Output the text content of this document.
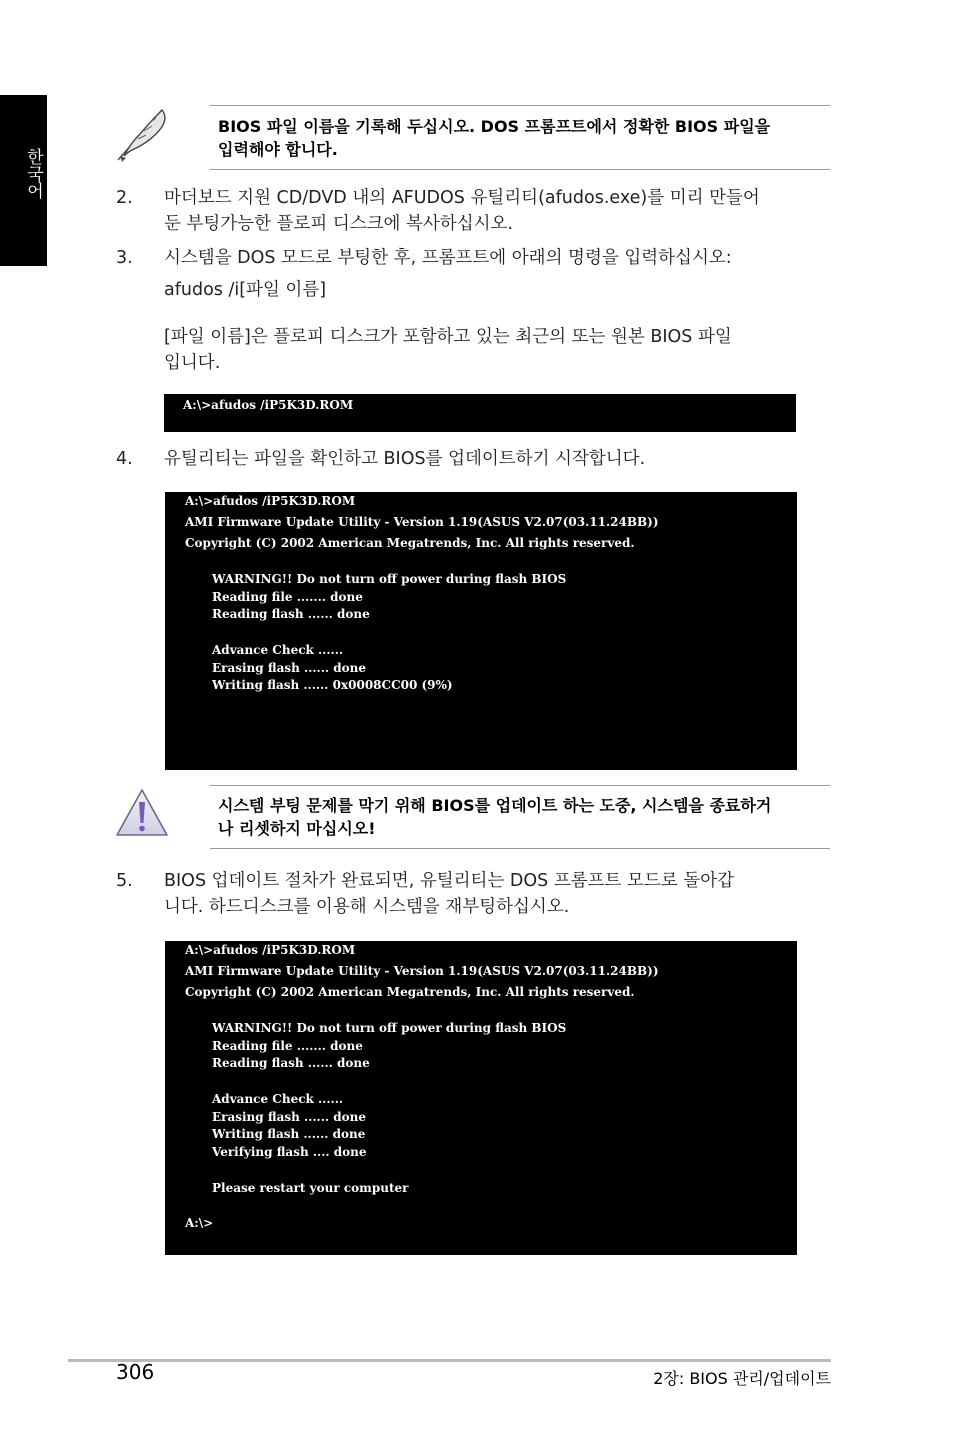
한국어
BIOS 파일 이름을 기록해 두십시오. DOS 프롬프트에서 정확한 BIOS 파일을
입력해야 합니다.
2. 마더보드 지원 CD/DVD 내의 AFUDOS 유틸리티(afudos.exe)를 미리 만들어
둔 부팅가능한 플로피 디스크에 복사하십시오.
3. 시스템을 DOS 모드로 부팅한 후, 프롬프트에 아래의 명령을 입력하십시오:
afudos /i[파일 이름]
[파일 이름]은 플로피 디스크가 포함하고 있는 최근의 또는 원본 BIOS 파일
입니다.
A:\>afudos /iP5K3D.ROM
4. 유틸리티는 파일을 확인하고 BIOS를 업데이트하기 시작합니다.
A:\>afudos /iP5K3D.ROM
AMI Firmware Update Utility - Version 1.19(ASUS V2.07(03.11.24BB))
Copyright (C) 2002 American Megatrends, Inc. All rights reserved.
WARNING!! Do not turn off power during flash BIOS
Reading file ....... done
Reading flash ...... done
Advance Check ......
Erasing flash ...... done
Writing flash ...... 0x0008CC00 (9%)
시스템 부팅 문제를 막기 위해 BIOS를 업데이트 하는 도중, 시스템을 종료하거
나 리셋하지 마십시오!
5. BIOS 업데이트 절차가 완료되면, 유틸리티는 DOS 프롬프트 모드로 돌아갑
니다. 하드디스크를 이용해 시스템을 재부팅하십시오.
A:\>afudos /iP5K3D.ROM
AMI Firmware Update Utility - Version 1.19(ASUS V2.07(03.11.24BB))
Copyright (C) 2002 American Megatrends, Inc. All rights reserved.
WARNING!! Do not turn off power during flash BIOS
Reading file ....... done
Reading flash ...... done
Advance Check ......
Erasing flash ...... done
Writing flash ...... done
Verifying flash .... done
Please restart your computer
A:\>
306	2장: BIOS 관리/업데이트
